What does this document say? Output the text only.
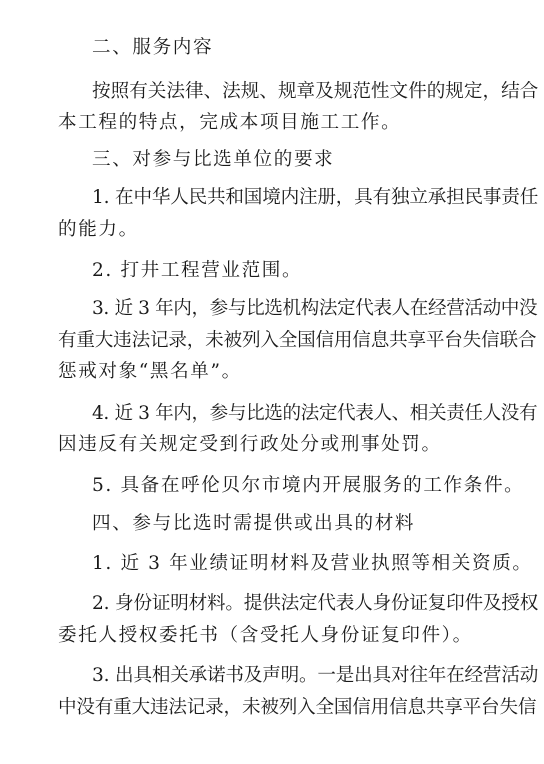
二、服务内容
按照有关法律、法规、规章及规范性文件的规定，结合
本工程的特点，完成本项目施工工作。
三、对参与比选单位的要求
1. 在中华人民共和国境内注册，具有独立承担民事责任
的能力。
2. 打井工程营业范围。
3. 近 3 年内，参与比选机构法定代表人在经营活动中没
有重大违法记录，未被列入全国信用信息共享平台失信联合
惩戒对象“黑名单”。
4. 近 3 年内，参与比选的法定代表人、相关责任人没有
因违反有关规定受到行政处分或刑事处罚。
5. 具备在呼伦贝尔市境内开展服务的工作条件。
四、参与比选时需提供或出具的材料
1. 近 3 年业绩证明材料及营业执照等相关资质。
2. 身份证明材料。提供法定代表人身份证复印件及授权
委托人授权委托书（含受托人身份证复印件）。
3. 出具相关承诺书及声明。一是出具对往年在经营活动
中没有重大违法记录，未被列入全国信用信息共享平台失信
